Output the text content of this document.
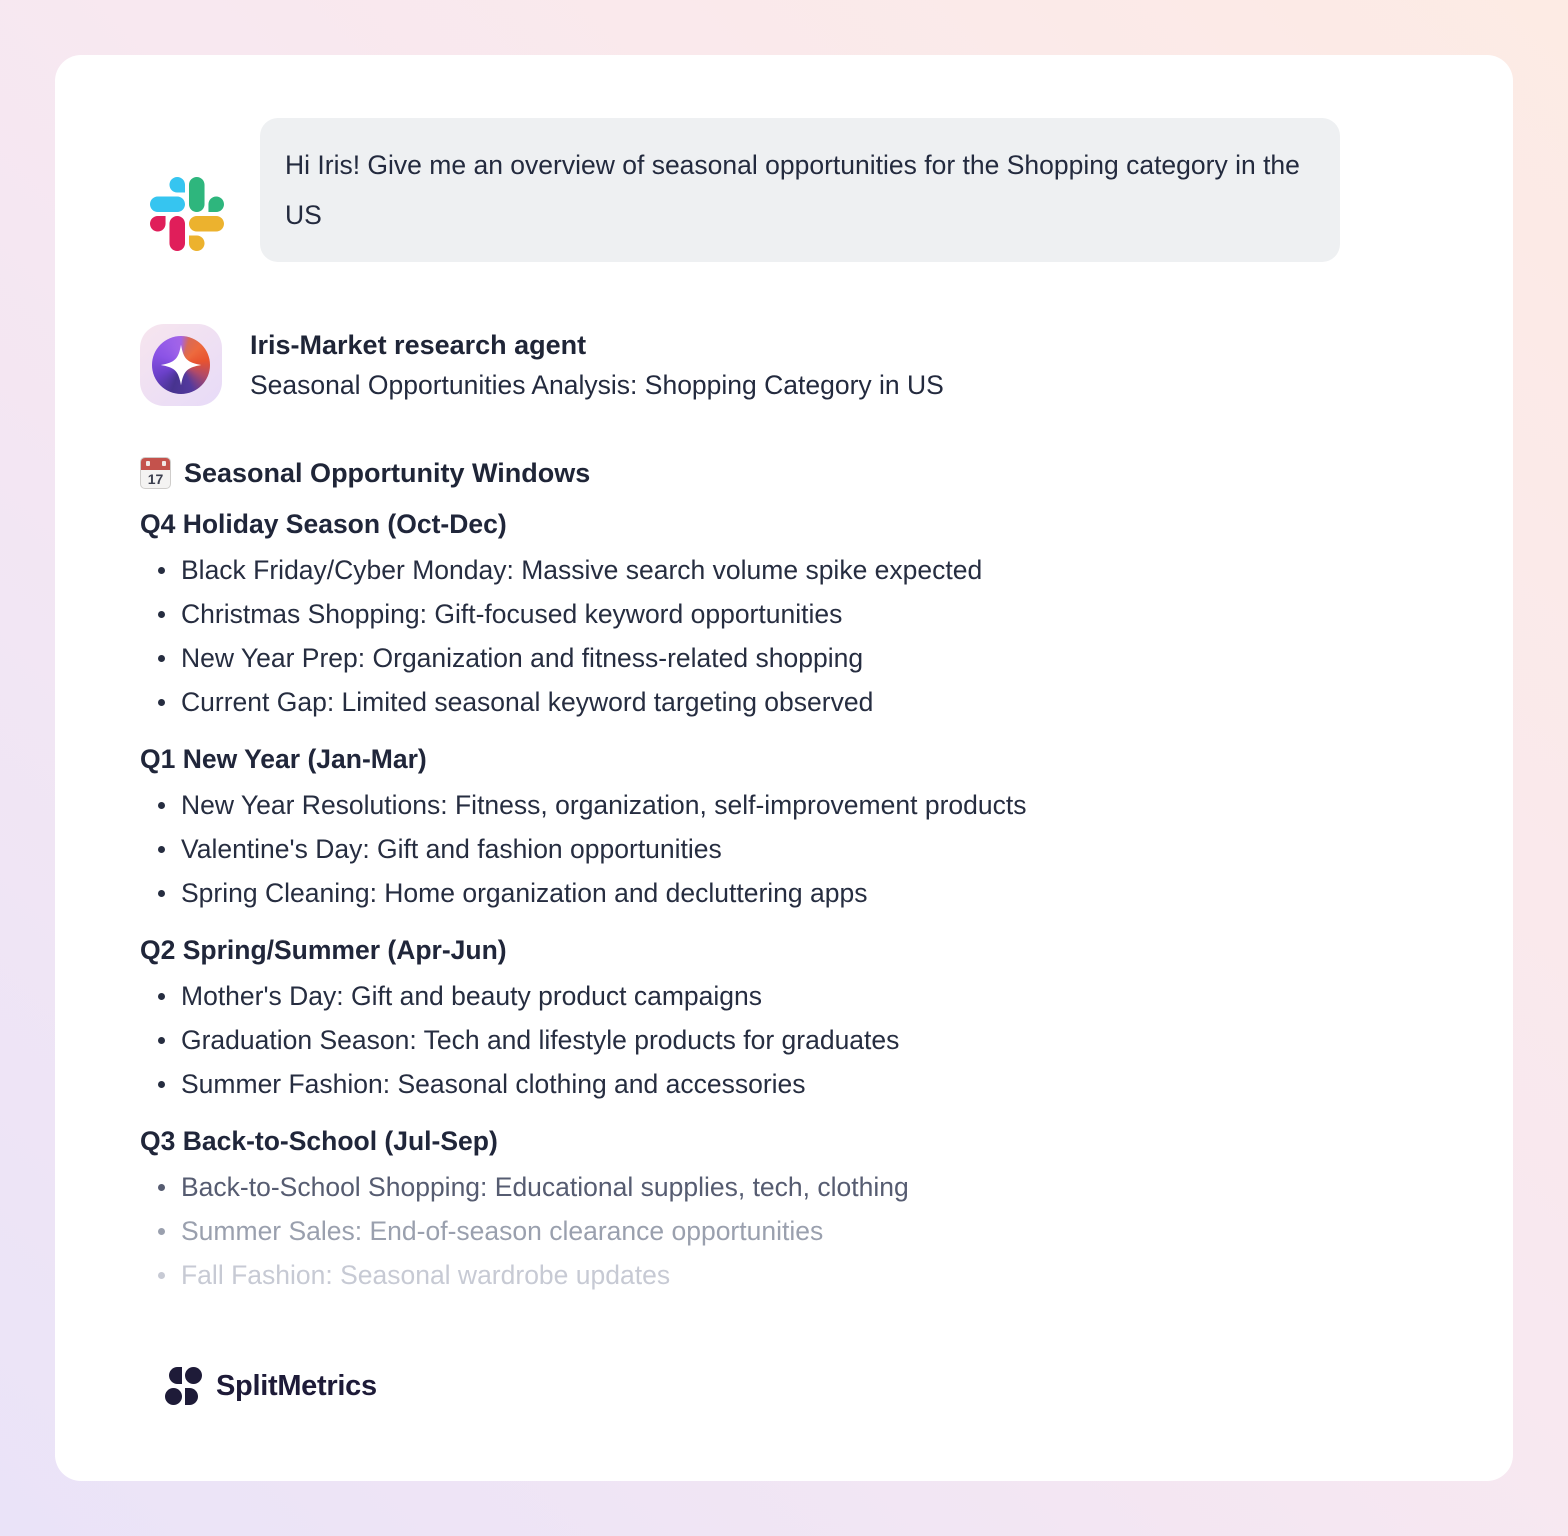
Hi Iris! Give me an overview of seasonal opportunities for the Shopping category in the US
Iris-Market research agent
Seasonal Opportunities Analysis: Shopping Category in US
17 Seasonal Opportunity Windows
Q4 Holiday Season (Oct-Dec)
Black Friday/Cyber Monday: Massive search volume spike expected
Christmas Shopping: Gift-focused keyword opportunities
New Year Prep: Organization and fitness-related shopping
Current Gap: Limited seasonal keyword targeting observed
Q1 New Year (Jan-Mar)
New Year Resolutions: Fitness, organization, self-improvement products
Valentine's Day: Gift and fashion opportunities
Spring Cleaning: Home organization and decluttering apps
Q2 Spring/Summer (Apr-Jun)
Mother's Day: Gift and beauty product campaigns
Graduation Season: Tech and lifestyle products for graduates
Summer Fashion: Seasonal clothing and accessories
Q3 Back-to-School (Jul-Sep)
Back-to-School Shopping: Educational supplies, tech, clothing
Summer Sales: End-of-season clearance opportunities
Fall Fashion: Seasonal wardrobe updates
SplitMetrics
